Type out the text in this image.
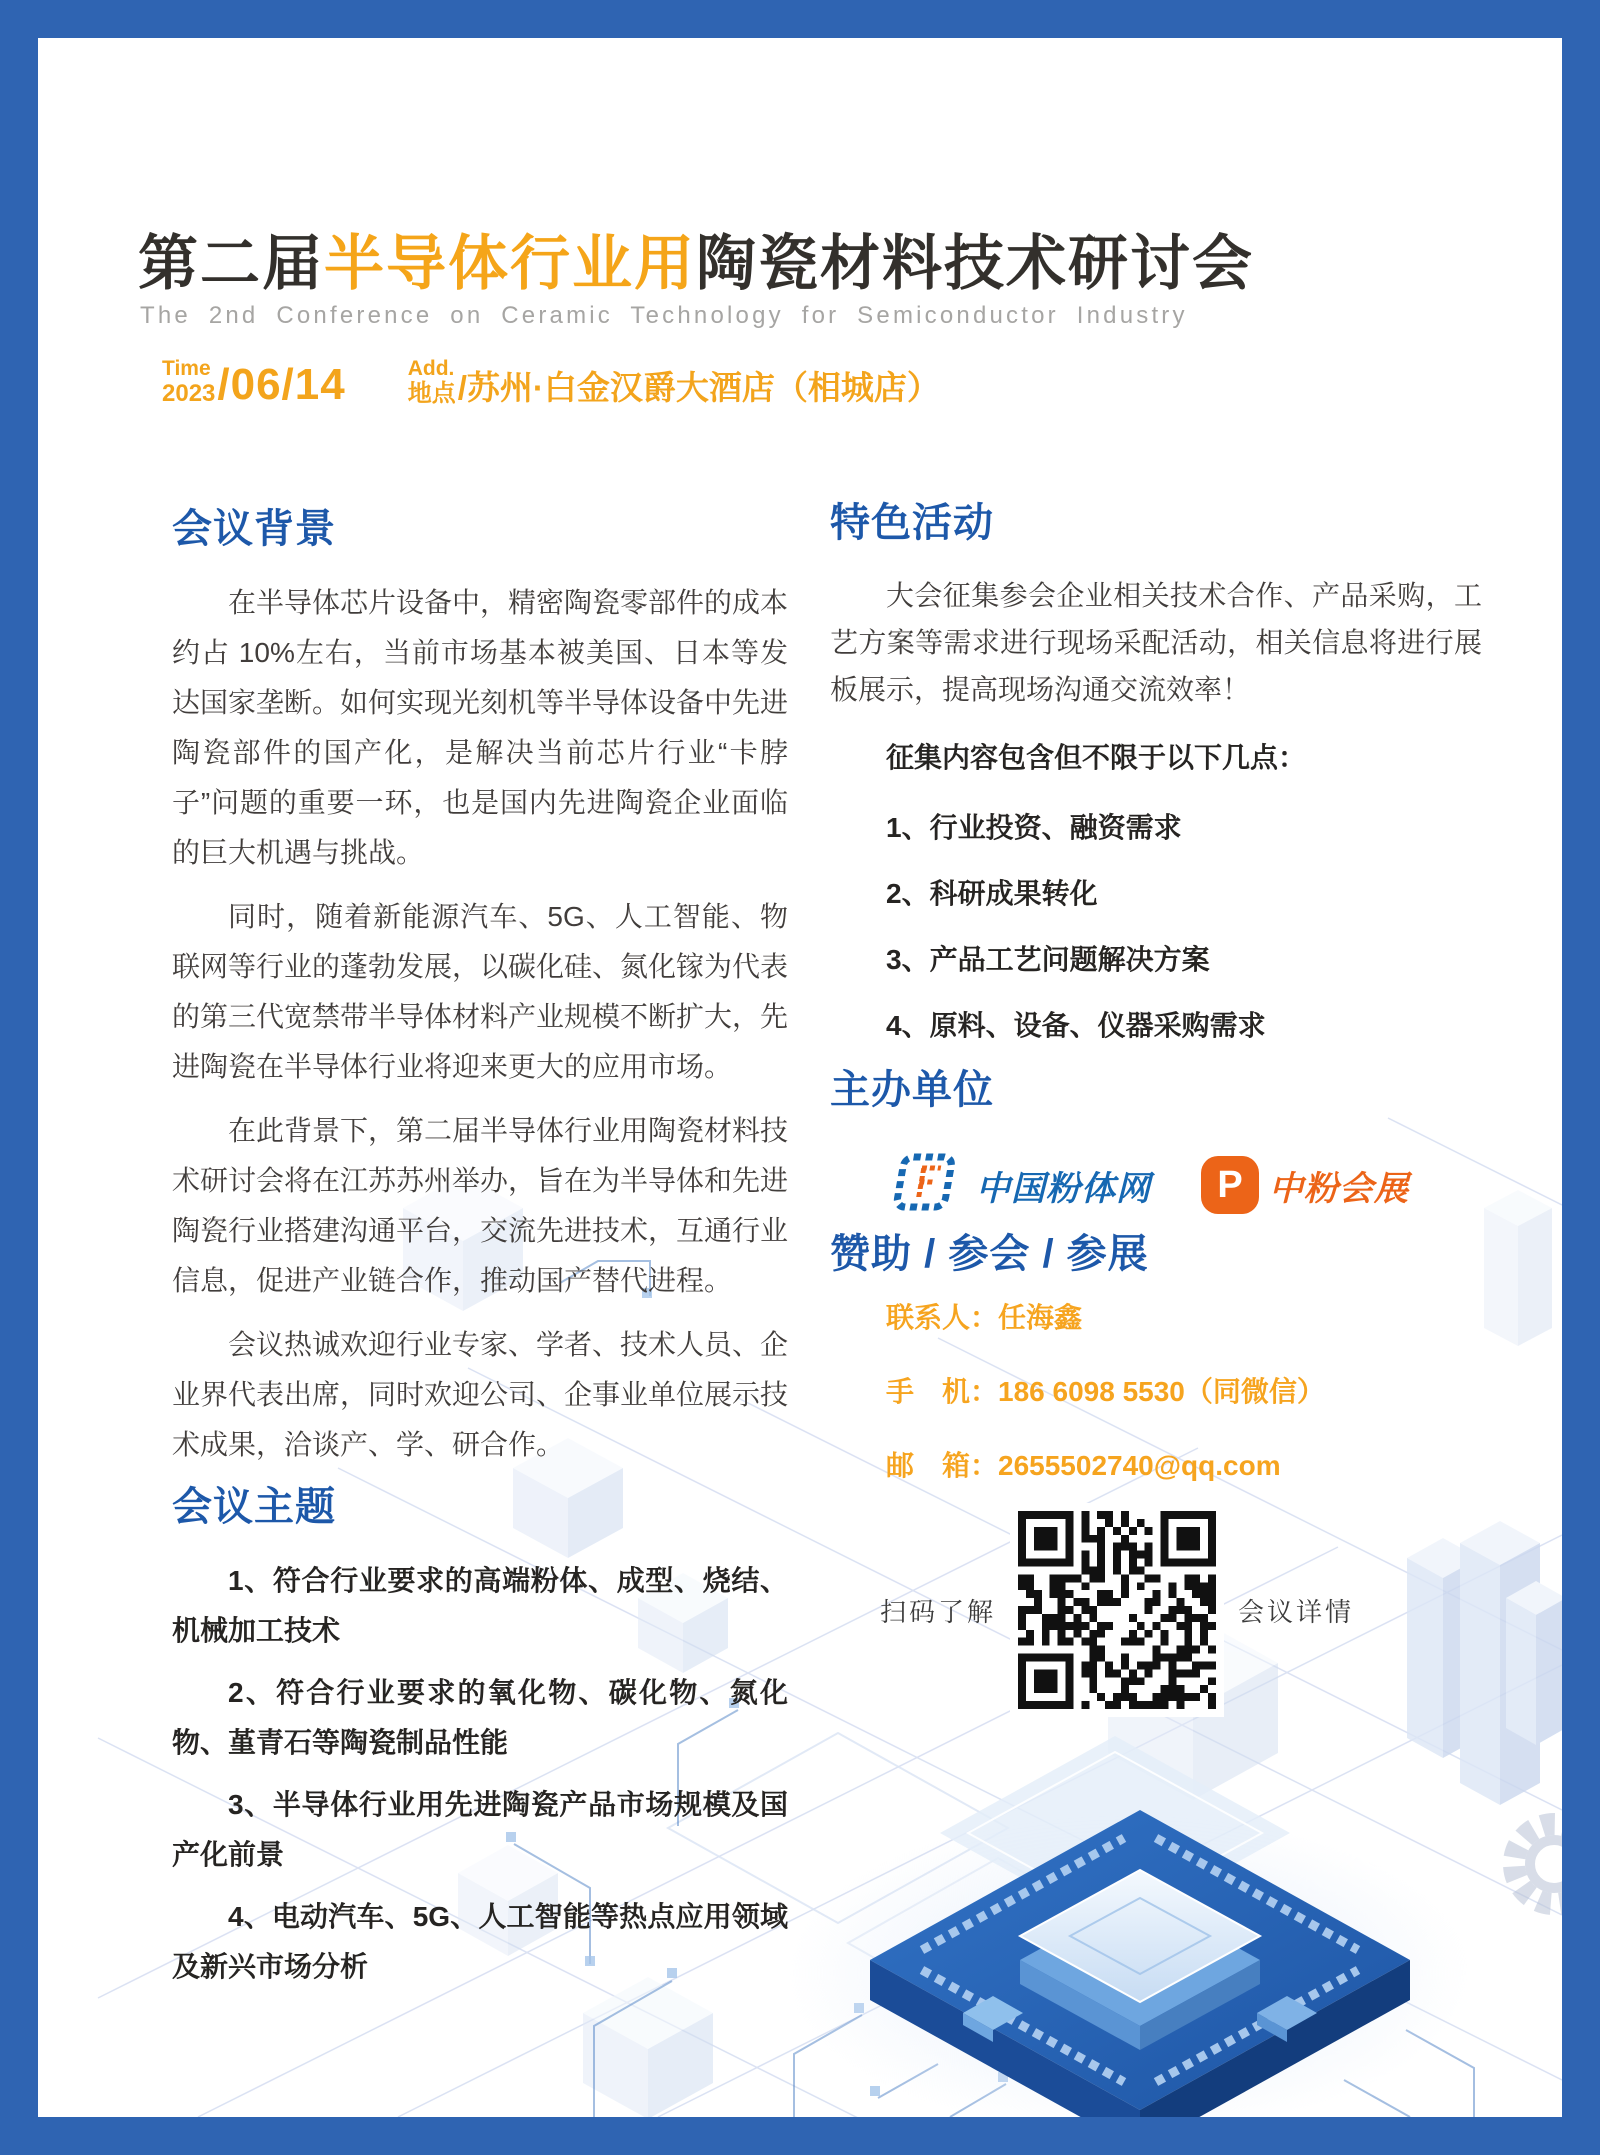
第二届半导体行业用陶瓷材料技术研讨会
The 2nd Conference on Ceramic Technology for Semiconductor Industry
Time
2023 /06/14	Add.
地点 /苏州·白金汉爵大酒店（相城店）
会议背景

在半导体芯片设备中，精密陶瓷零部件的成本约占 10%左右，当前市场基本被美国、日本等发达国家垄断。如何实现光刻机等半导体设备中先进陶瓷部件的国产化，是解决当前芯片行业“卡脖子”问题的重要一环，也是国内先进陶瓷企业面临的巨大机遇与挑战。

同时，随着新能源汽车、5G、人工智能、物联网等行业的蓬勃发展，以碳化硅、氮化镓为代表的第三代宽禁带半导体材料产业规模不断扩大，先进陶瓷在半导体行业将迎来更大的应用市场。

在此背景下，第二届半导体行业用陶瓷材料技术研讨会将在江苏苏州举办，旨在为半导体和先进陶瓷行业搭建沟通平台，交流先进技术，互通行业信息，促进产业链合作，推动国产替代进程。

会议热诚欢迎行业专家、学者、技术人员、企业界代表出席，同时欢迎公司、企事业单位展示技术成果，洽谈产、学、研合作。

会议主题

1、符合行业要求的高端粉体、成型、烧结、机械加工技术

2、符合行业要求的氧化物、碳化物、氮化物、堇青石等陶瓷制品性能

3、半导体行业用先进陶瓷产品市场规模及国产化前景

4、电动汽车、5G、人工智能等热点应用领域及新兴市场分析

特色活动

大会征集参会企业相关技术合作、产品采购，工艺方案等需求进行现场采配活动，相关信息将进行展板展示，提高现场沟通交流效率！

征集内容包含但不限于以下几点：

1、行业投资、融资需求

2、科研成果转化

3、产品工艺问题解决方案

4、原料、设备、仪器采购需求

主办单位
中国粉体网	P 中粉会展
赞助 / 参会 / 参展

联系人：任海鑫

手　机：186 6098 5530（同微信）

邮　箱：2655502740@qq.com

扫码了解	会议详情
